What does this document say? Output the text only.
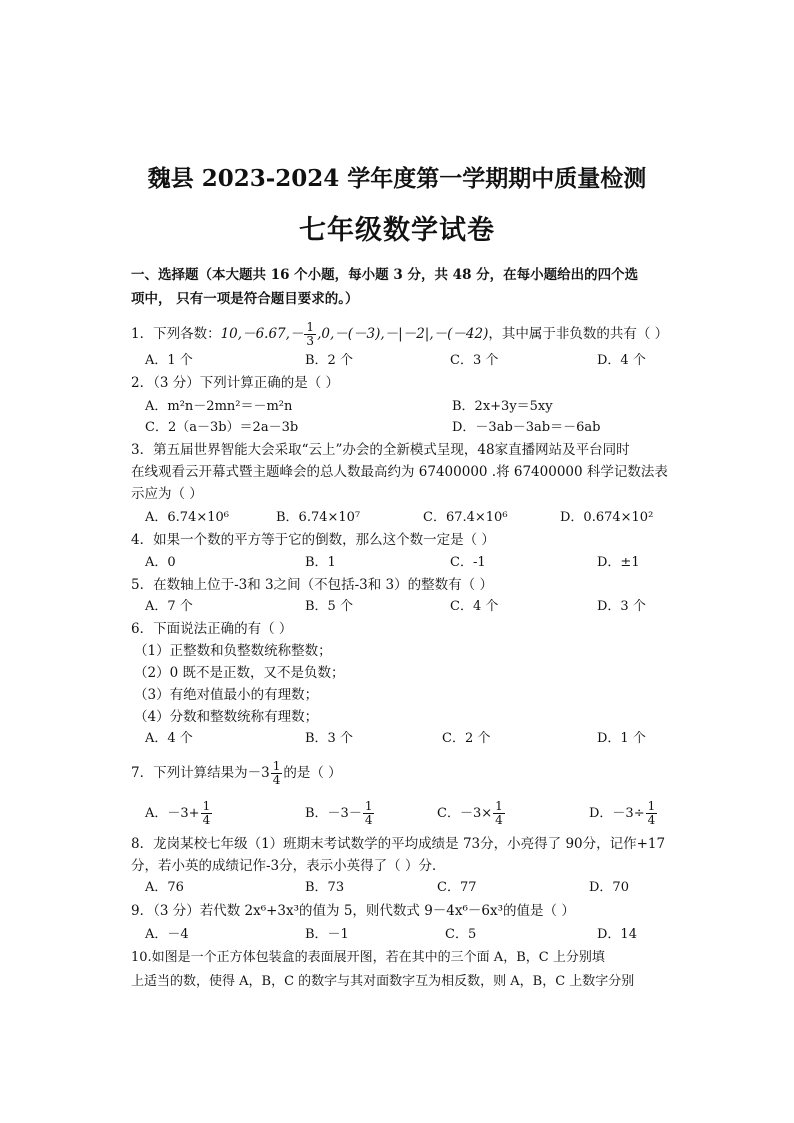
魏县 2023-2024 学年度第一学期期中质量检测
七年级数学试卷
一、选择题（本大题共 16 个小题，每小题 3 分，共 48 分，在每小题给出的四个选
项中， 只有一项是符合题目要求的。）
1．下列各数：$10,-6.67,- \frac{1}{3} ,0,-(-3),-|-2|,-(-42)$，其中属于非负数的共有（ ）
A．1 个	B．2 个	C．3 个	D．4 个
2．（3 分）下列计算正确的是（ ）
A．m²n－2mn²＝－m²n	B．2x+3y＝5xy
C．2（a－3b）＝2a－3b	D．－3ab－3ab＝－6ab
3．第五届世界智能大会采取“云上”办会的全新模式呈现，48家直播网站及平台同时
在线观看云开幕式暨主题峰会的总人数最高约为 67400000 .将 67400000 科学记数法表
示应为（ ）
A．6.74×10⁶	B．6.74×10⁷	C．67.4×10⁶	D．0.674×10²
4．如果一个数的平方等于它的倒数，那么这个数一定是（ ）
A．0	B．1	C．-1	D．±1
5．在数轴上位于-3和 3之间（不包括-3和 3）的整数有（ ）
A．7 个	B．5 个	C．4 个	D．3 个
6．下面说法正确的有（ ）
（1）正整数和负整数统称整数；
（2）0 既不是正数，又不是负数；
（3）有绝对值最小的有理数；
（4）分数和整数统称有理数；
A．4 个	B．3 个	C．2 个	D．1 个
7．下列计算结果为$-3 \frac{1}{4}$ 的是（ ）
A．$-3+ \frac{1}{4}$	B．$-3- \frac{1}{4}$	C．$-3\times \frac{1}{4}$	D．$-3\div \frac{1}{4}$
8．龙岗某校七年级（1）班期末考试数学的平均成绩是 73分，小亮得了 90分，记作+17
分，若小英的成绩记作-3分，表示小英得了（ ）分．
A．76	B．73	C．77	D．70
9．（3 分）若代数 2x⁶+3x³的值为 5，则代数式 9－4x⁶－6x³的值是（ ）
A．－4	B．－1	C．5	D．14
10.如图是一个正方体包装盒的表面展开图，若在其中的三个面 A，B，C 上分别填
上适当的数，使得 A，B，C 的数字与其对面数字互为相反数，则 A，B，C 上数字分别
